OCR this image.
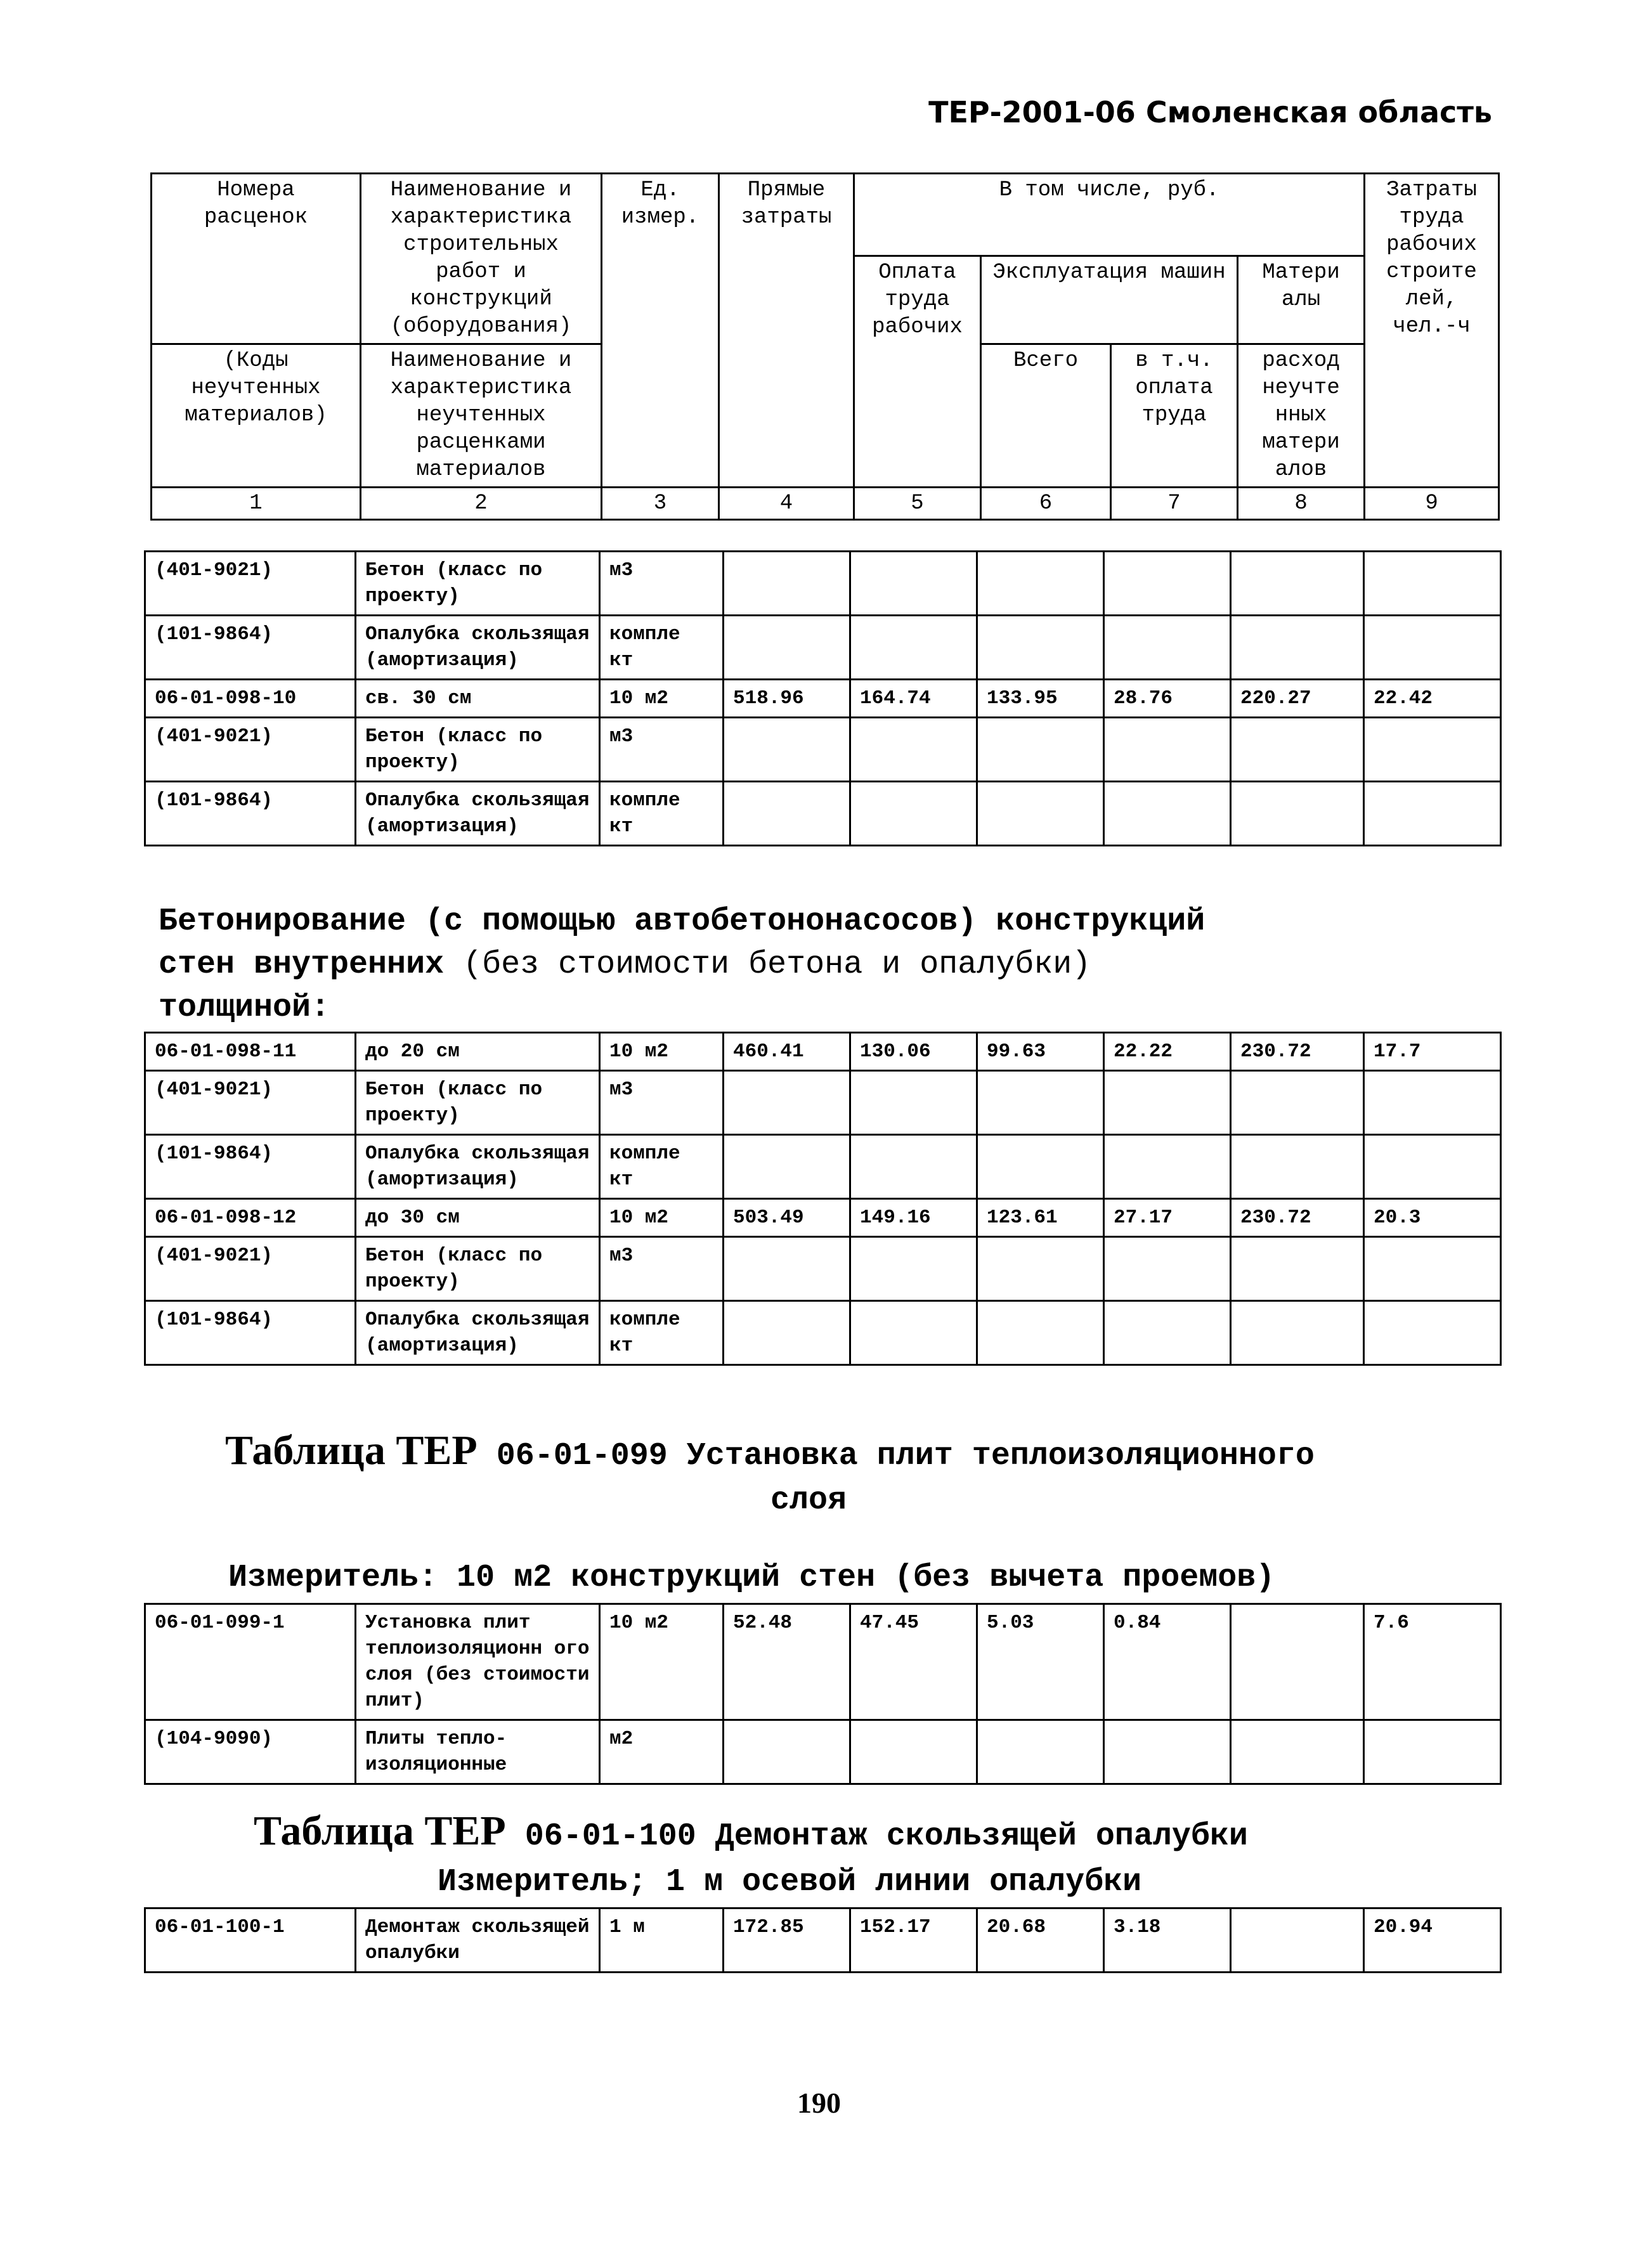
ТЕР-2001-06 Смоленская область
Номера расценок	Наименование и характеристика строительных работ и конструкций (оборудования)	Ед. измер.	Прямые затраты	В том числе, руб.				Затраты труда рабочих строите лей, чел.-ч
				Оплата труда рабочих	Эксплуатация машин		Матери алы	
(Коды неучтенных материалов)	Наименование и характеристика неучтенных расценками материалов				Всего	в т.ч. оплата труда	расход неучте нных матери алов	

1	2	3	4	5	6	7	8	9
(401-9021)	Бетон (класс по проекту)	м3						
(101-9864)	Опалубка скользящая (амортизация)	компле кт						
06-01-098-10	св. 30 см	10 м2	518.96	164.74	133.95	28.76	220.27	22.42
(401-9021)	Бетон (класс по проекту)	м3						
(101-9864)	Опалубка скользящая (амортизация)	компле кт						
Бетонирование (с помощью автобетононасосов) конструкций
стен внутренних (без стоимости бетона и опалубки)
толщиной:
06-01-098-11	до 20 см	10 м2	460.41	130.06	99.63	22.22	230.72	17.7
(401-9021)	Бетон (класс по проекту)	м3						
(101-9864)	Опалубка скользящая (амортизация)	компле кт						
06-01-098-12	до 30 см	10 м2	503.49	149.16	123.61	27.17	230.72	20.3
(401-9021)	Бетон (класс по проекту)	м3						
(101-9864)	Опалубка скользящая (амортизация)	компле кт						
Таблица ТЕР 06-01-099 Установка плит теплоизоляционного
слоя
Измеритель: 10 м2 конструкций стен (без вычета проемов)
06-01-099-1	Установка плит теплоизоляционн ого слоя (без стоимости плит)	10 м2	52.48	47.45	5.03	0.84		7.6
(104-9090)	Плиты тепло-изоляционные	м2						
Таблица ТЕР 06-01-100 Демонтаж скользящей опалубки
Измеритель; 1 м осевой линии опалубки
06-01-100-1	Демонтаж скользящей опалубки	1 м	172.85	152.17	20.68	3.18		20.94
190
